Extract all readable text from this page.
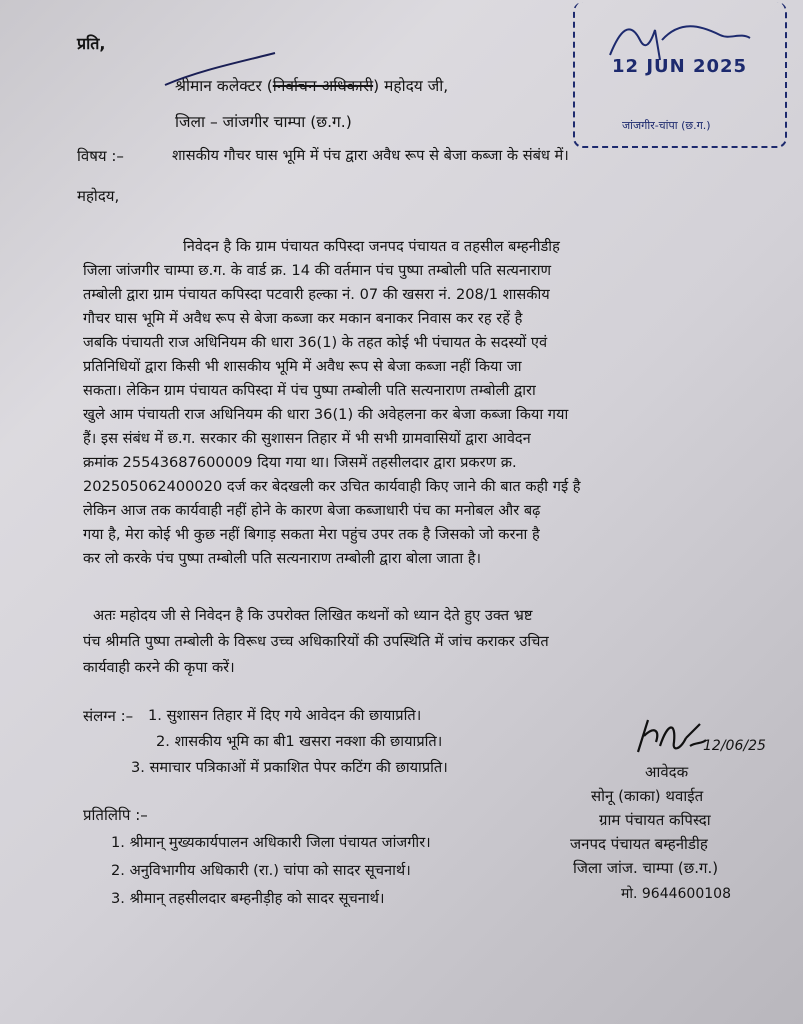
12 JUN 2025
जांजगीर-चांपा (छ.ग.)
प्रति,
श्रीमान कलेक्टर (निर्वाचन अधिकारी) महोदय जी,
जिला – जांजगीर चाम्पा (छ.ग.)
विषय :–	शासकीय गौचर घास भूमि में पंच द्वारा अवैध रूप से बेजा कब्जा के संबंध में।
महोदय,
निवेदन है कि ग्राम पंचायत कपिस्दा जनपद पंचायत व तहसील बम्हनीडीह
जिला जांजगीर चाम्पा छ.ग. के वार्ड क्र. 14 की वर्तमान पंच पुष्पा तम्बोली पति सत्यनाराण
तम्बोली द्वारा ग्राम पंचायत कपिस्दा पटवारी हल्का नं. 07 की खसरा नं. 208/1 शासकीय
गौचर घास भूमि में अवैध रूप से बेजा कब्जा कर मकान बनाकर निवास कर रह रहें है
जबकि पंचायती राज अधिनियम की धारा 36(1) के तहत कोई भी पंचायत के सदस्यों एवं
प्रतिनिधियों द्वारा किसी भी शासकीय भूमि में अवैध रूप से बेजा कब्जा नहीं किया जा
सकता। लेकिन ग्राम पंचायत कपिस्दा में पंच पुष्पा तम्बोली पति सत्यनाराण तम्बोली द्वारा
खुले आम पंचायती राज अधिनियम की धारा 36(1) की अवेहलना कर बेजा कब्जा किया गया
हैं। इस संबंध में छ.ग. सरकार की सुशासन तिहार में भी सभी ग्रामवासियों द्वारा आवेदन
क्रमांक 25543687600009 दिया गया था। जिसमें तहसीलदार द्वारा प्रकरण क्र.
202505062400020 दर्ज कर बेदखली कर उचित कार्यवाही किए जाने की बात कही गई है
लेकिन आज तक कार्यवाही नहीं होने के कारण बेजा कब्जाधारी पंच का मनोबल और बढ़
गया है, मेरा कोई भी कुछ नहीं बिगाड़ सकता मेरा पहुंच उपर तक है जिसको जो करना है
कर लो करके पंच पुष्पा तम्बोली पति सत्यनाराण तम्बोली द्वारा बोला जाता है।
अतः महोदय जी से निवेदन है कि उपरोक्त लिखित कथनों को ध्यान देते हुए उक्त भ्रष्ट
पंच श्रीमति पुष्पा तम्बोली के विरूध उच्च अधिकारियों की उपस्थिति में जांच कराकर उचित
कार्यवाही करने की कृपा करें।
संलग्न :– 1. सुशासन तिहार में दिए गये आवेदन की छायाप्रति।
2. शासकीय भूमि का बी1 खसरा नक्शा की छायाप्रति।
3. समाचार पत्रिकाओं में प्रकाशित पेपर कटिंग की छायाप्रति।
प्रतिलिपि :–
1. श्रीमान् मुख्यकार्यपालन अधिकारी जिला पंचायत जांजगीर।
2. अनुविभागीय अधिकारी (रा.) चांपा को सादर सूचनार्थ।
3. श्रीमान् तहसीलदार बम्हनीड़ीह को सादर सूचनार्थ।
12/06/25
आवेदक
सोनू (काका) थवाईत
ग्राम पंचायत कपिस्दा
जनपद पंचायत बम्हनीडीह
जिला जांज. चाम्पा (छ.ग.)
मो. 9644600108
